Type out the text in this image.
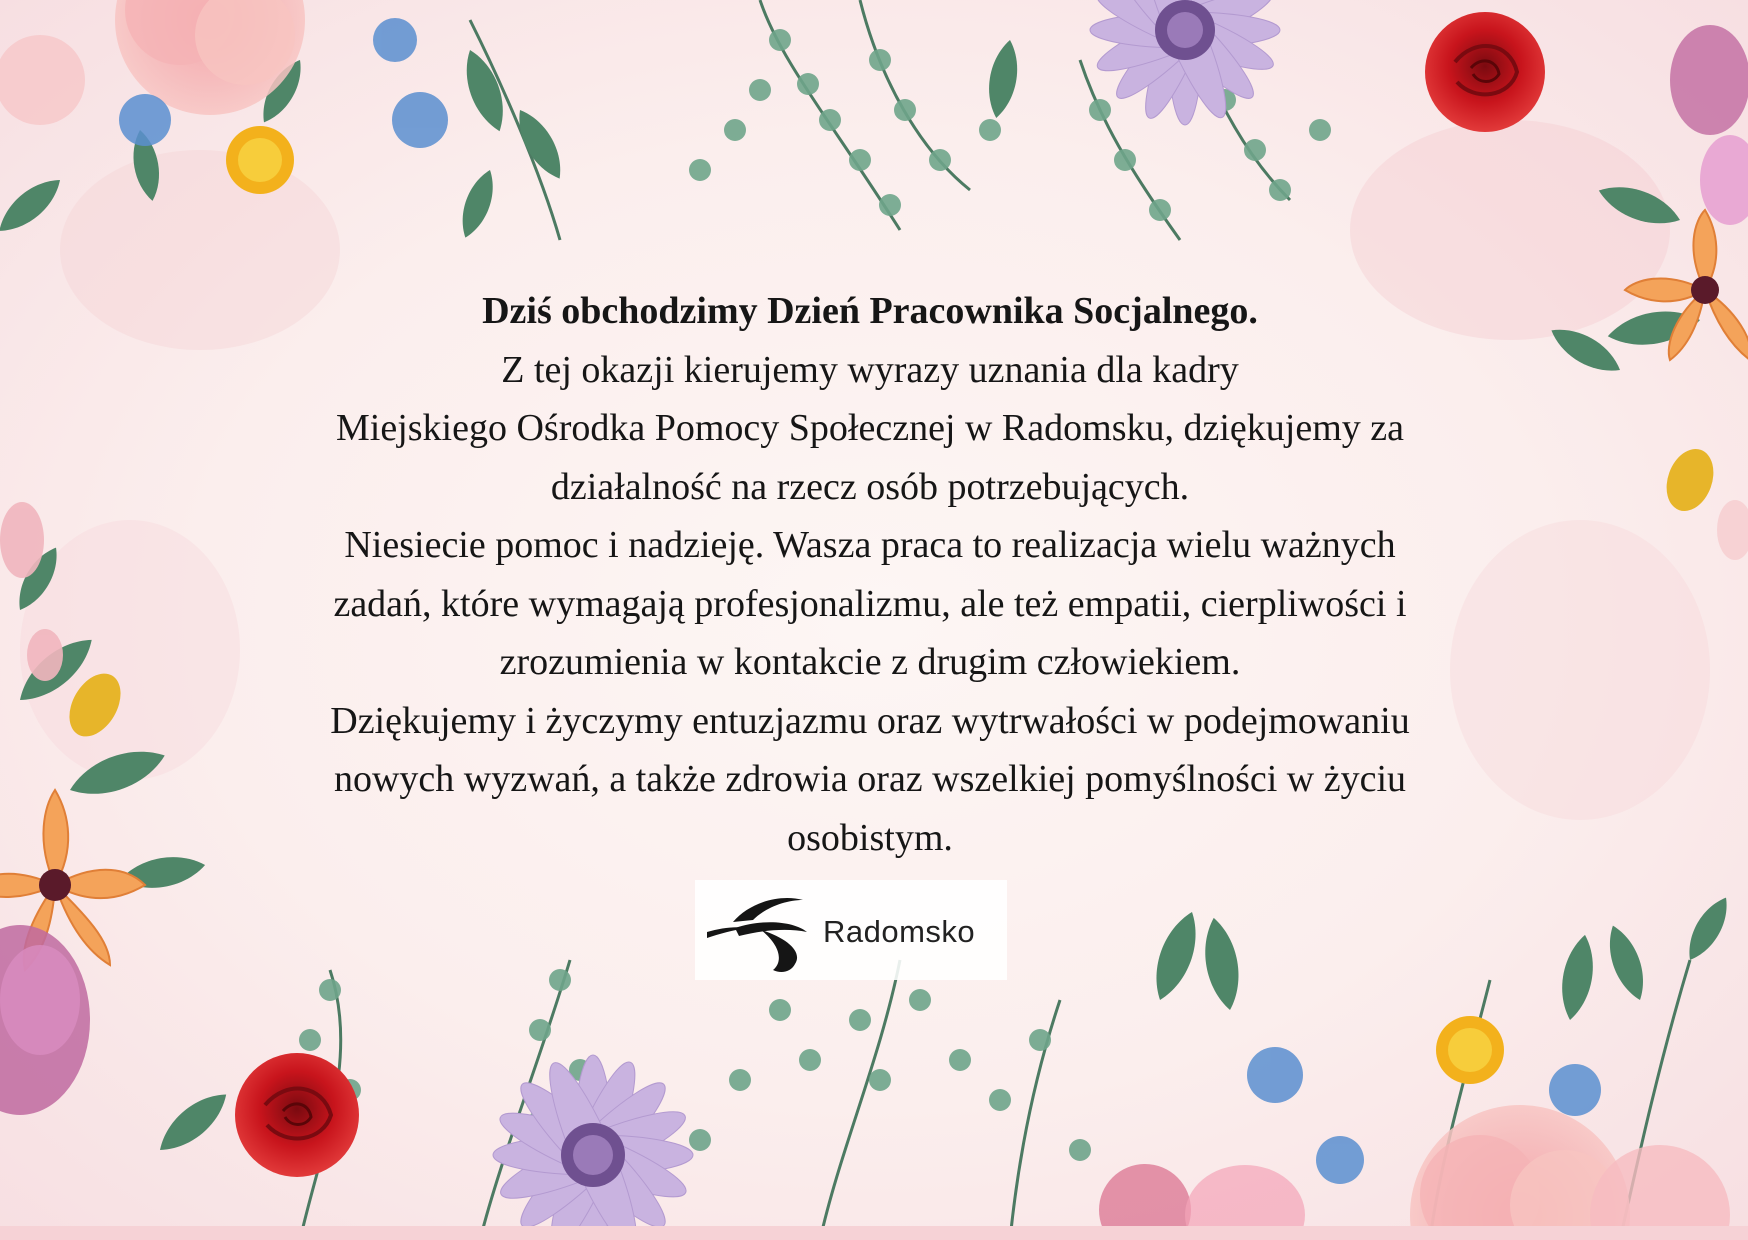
Dziś obchodzimy Dzień Pracownika Socjalnego.
Z tej okazji kierujemy wyrazy uznania dla kadry
Miejskiego Ośrodka Pomocy Społecznej w Radomsku, dziękujemy za
działalność na rzecz osób potrzebujących.
Niesiecie pomoc i nadzieję. Wasza praca to realizacja wielu ważnych
zadań, które wymagają profesjonalizmu, ale też empatii, cierpliwości i
zrozumienia w kontakcie z drugim człowiekiem.
Dziękujemy i życzymy entuzjazmu oraz wytrwałości w podejmowaniu
nowych wyzwań, a także zdrowia oraz wszelkiej pomyślności w życiu
osobistym.
Radomsko
